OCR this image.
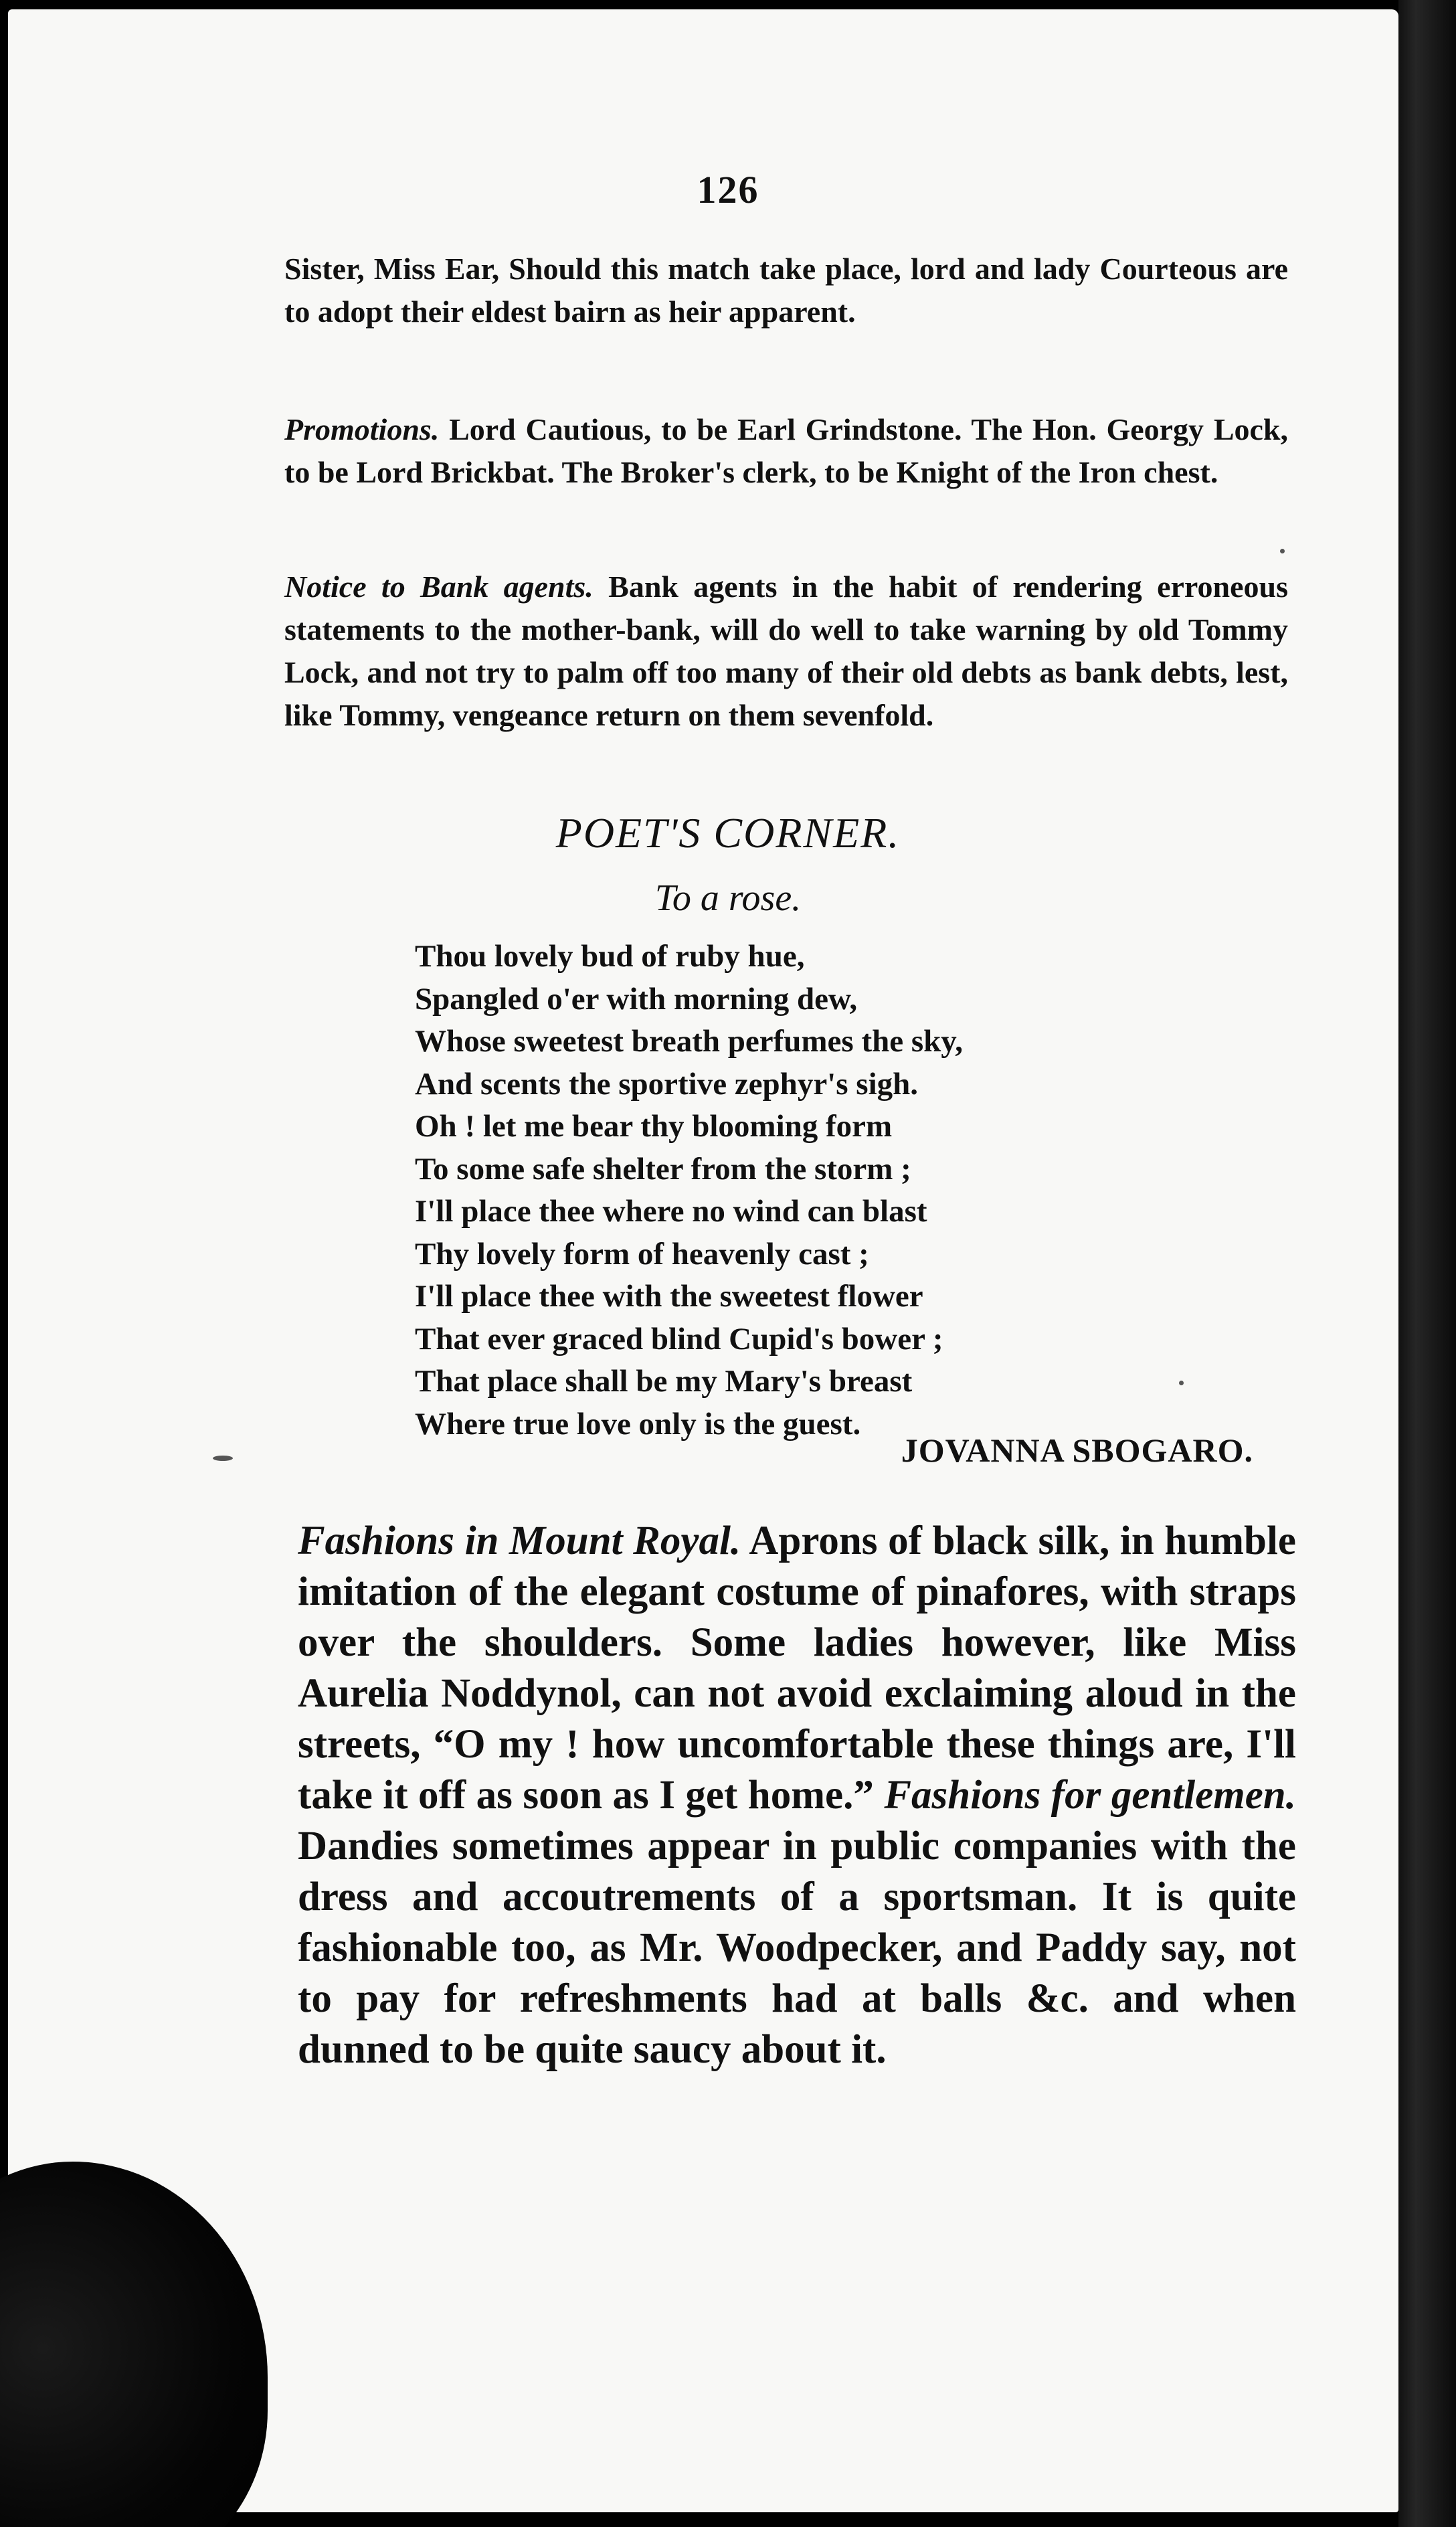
126

Sister, Miss Ear, Should this match take place, lord and lady Courteous are to adopt their eldest bairn as heir apparent.

Promotions. Lord Cautious, to be Earl Grindstone. The Hon. Georgy Lock, to be Lord Brickbat. The Broker's clerk, to be Knight of the Iron chest.

Notice to Bank agents. Bank agents in the habit of rendering erroneous statements to the mother-bank, will do well to take warning by old Tommy Lock, and not try to palm off too many of their old debts as bank debts, lest, like Tommy, vengeance return on them sevenfold.

POET'S CORNER.
To a rose.
Thou lovely bud of ruby hue,
Spangled o'er with morning dew,
Whose sweetest breath perfumes the sky,
And scents the sportive zephyr's sigh.
Oh ! let me bear thy blooming form
To some safe shelter from the storm ;
I'll place thee where no wind can blast
Thy lovely form of heavenly cast ;
I'll place thee with the sweetest flower
That ever graced blind Cupid's bower ;
That place shall be my Mary's breast
Where true love only is the guest.
JOVANNA SBOGARO.

Fashions in Mount Royal. Aprons of black silk, in humble imitation of the elegant costume of pinafores, with straps over the shoulders. Some ladies however, like Miss Aurelia Noddynol, can not avoid exclaiming aloud in the streets, “O my ! how uncomfortable these things are, I'll take it off as soon as I get home.” Fashions for gentlemen. Dandies sometimes appear in public companies with the dress and accoutrements of a sportsman. It is quite fashionable too, as Mr. Woodpecker, and Paddy say, not to pay for refreshments had at balls &c. and when dunned to be quite saucy about it.
